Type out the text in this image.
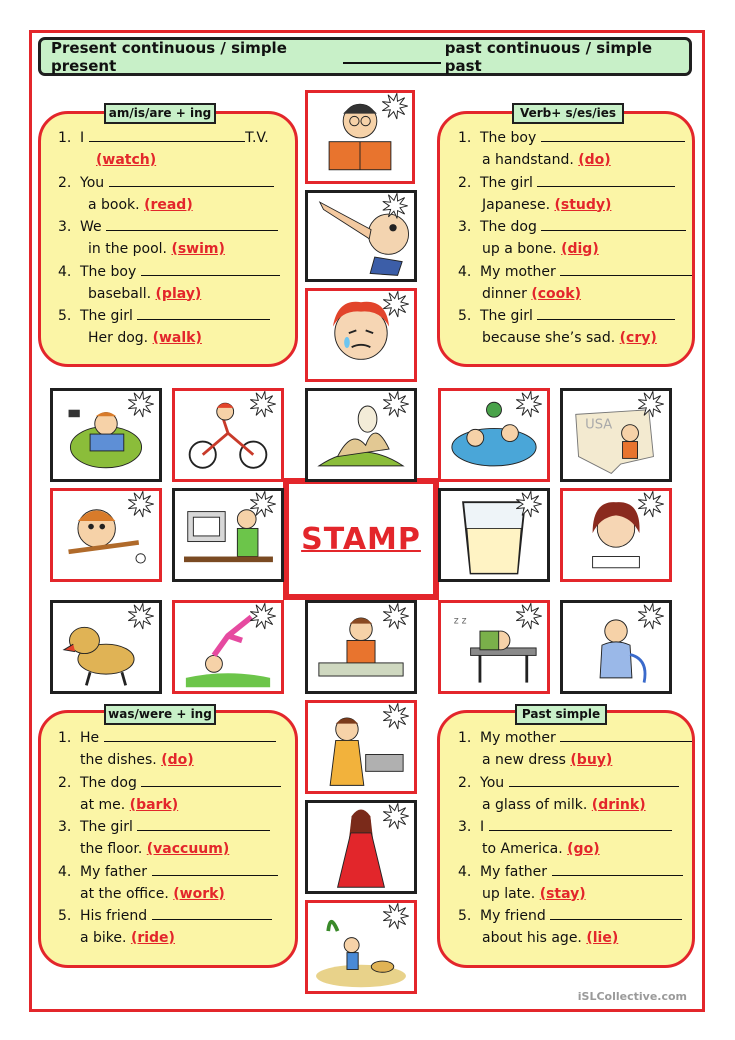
Present continuous / simple present
past continuous / simple past
am/is/are + ing	Verb+ s/es/ies
was/were + ing	Past simple
1. I	T.V.
(watch)
2. You
a book. (read)
3. We
in the pool. (swim)
4. The boy
baseball. (play)
5. The girl
Her dog. (walk)
1. The boy
a handstand. (do)
2. The girl
Japanese. (study)
3. The dog
up a bone. (dig)
4. My mother
dinner (cook)
5. The girl
because she’s sad. (cry)
1. He
the dishes. (do)
2. The dog
at me. (bark)
3. The girl
the floor. (vaccuum)
4. My father
at the office. (work)
5. His friend
a bike. (ride)
1. My mother
a new dress (buy)
2. You
a glass of milk. (drink)
3. I
to America. (go)
4. My father
up late. (stay)
5. My friend
about his age. (lie)
STAMP
USA
z z
iSLCollective.com
